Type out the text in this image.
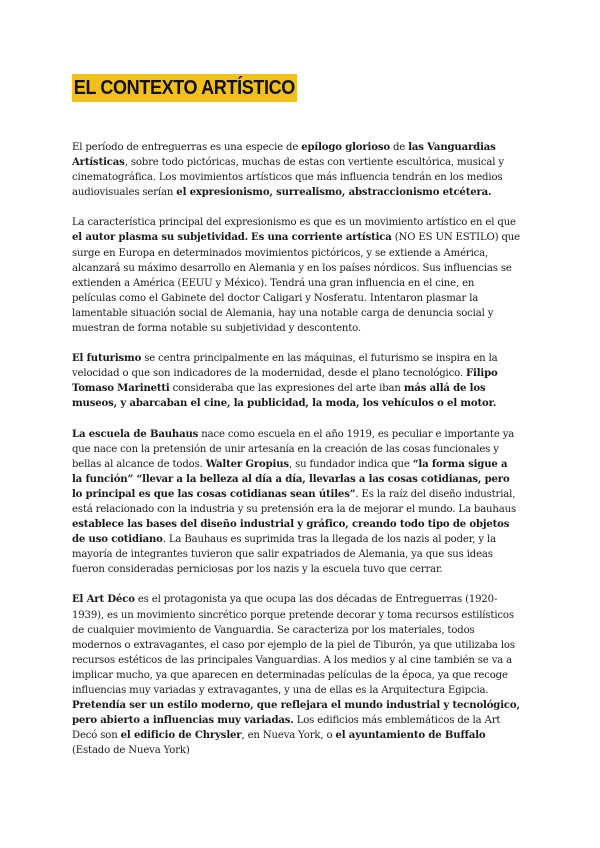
EL CONTEXTO ARTÍSTICO

El período de entreguerras es una especie de epílogo glorioso de las Vanguardias Artísticas, sobre todo pictóricas, muchas de estas con vertiente escultórica, musical y cinematográfica. Los movimientos artísticos que más influencia tendrán en los medios audiovisuales serían el expresionismo, surrealismo, abstraccionismo etcétera.

La característica principal del expresionismo es que es un movimiento artístico en el que el autor plasma su subjetividad. Es una corriente artística (NO ES UN ESTILO) que surge en Europa en determinados movimientos pictóricos, y se extiende a América, alcanzará su máximo desarrollo en Alemania y en los países nórdicos. Sus influencias se extienden a América (EEUU y México). Tendrá una gran influencia en el cine, en películas como el Gabinete del doctor Caligari y Nosferatu. Intentaron plasmar la lamentable situación social de Alemania, hay una notable carga de denuncia social y muestran de forma notable su subjetividad y descontento.

El futurismo se centra principalmente en las máquinas, el futurismo se inspira en la velocidad o que son indicadores de la modernidad, desde el plano tecnológico. Filipo Tomaso Marinetti consideraba que las expresiones del arte iban más allá de los museos, y abarcaban el cine, la publicidad, la moda, los vehículos o el motor.

La escuela de Bauhaus nace como escuela en el año 1919, es peculiar e importante ya que nace con la pretensión de unir artesanía en la creación de las cosas funcionales y bellas al alcance de todos. Walter Gropius, su fundador indica que “la forma sigue a la función” “llevar a la belleza al día a día, llevarlas a las cosas cotidianas, pero lo principal es que las cosas cotidianas sean útiles”. Es la raíz del diseño industrial, está relacionado con la industria y su pretensión era la de mejorar el mundo. La bauhaus establece las bases del diseño industrial y gráfico, creando todo tipo de objetos de uso cotidiano. La Bauhaus es suprimida tras la llegada de los nazis al poder, y la mayoría de integrantes tuvieron que salir expatriados de Alemania, ya que sus ideas fueron consideradas perniciosas por los nazis y la escuela tuvo que cerrar.

El Art Déco es el protagonista ya que ocupa las dos décadas de Entreguerras (1920-1939), es un movimiento sincrético porque pretende decorar y toma recursos estilísticos de cualquier movimiento de Vanguardia. Se caracteriza por los materiales, todos modernos o extravagantes, el caso por ejemplo de la piel de Tiburón, ya que utilizaba los recursos estéticos de las principales Vanguardias. A los medios y al cine también se va a implicar mucho, ya que aparecen en determinadas películas de la época, ya que recoge influencias muy variadas y extravagantes, y una de ellas es la Arquitectura Egipcia. Pretendía ser un estilo moderno, que reflejara el mundo industrial y tecnológico, pero abierto a influencias muy variadas. Los edificios más emblemáticos de la Art Decó son el edificio de Chrysler, en Nueva York, o el ayuntamiento de Buffalo (Estado de Nueva York)
